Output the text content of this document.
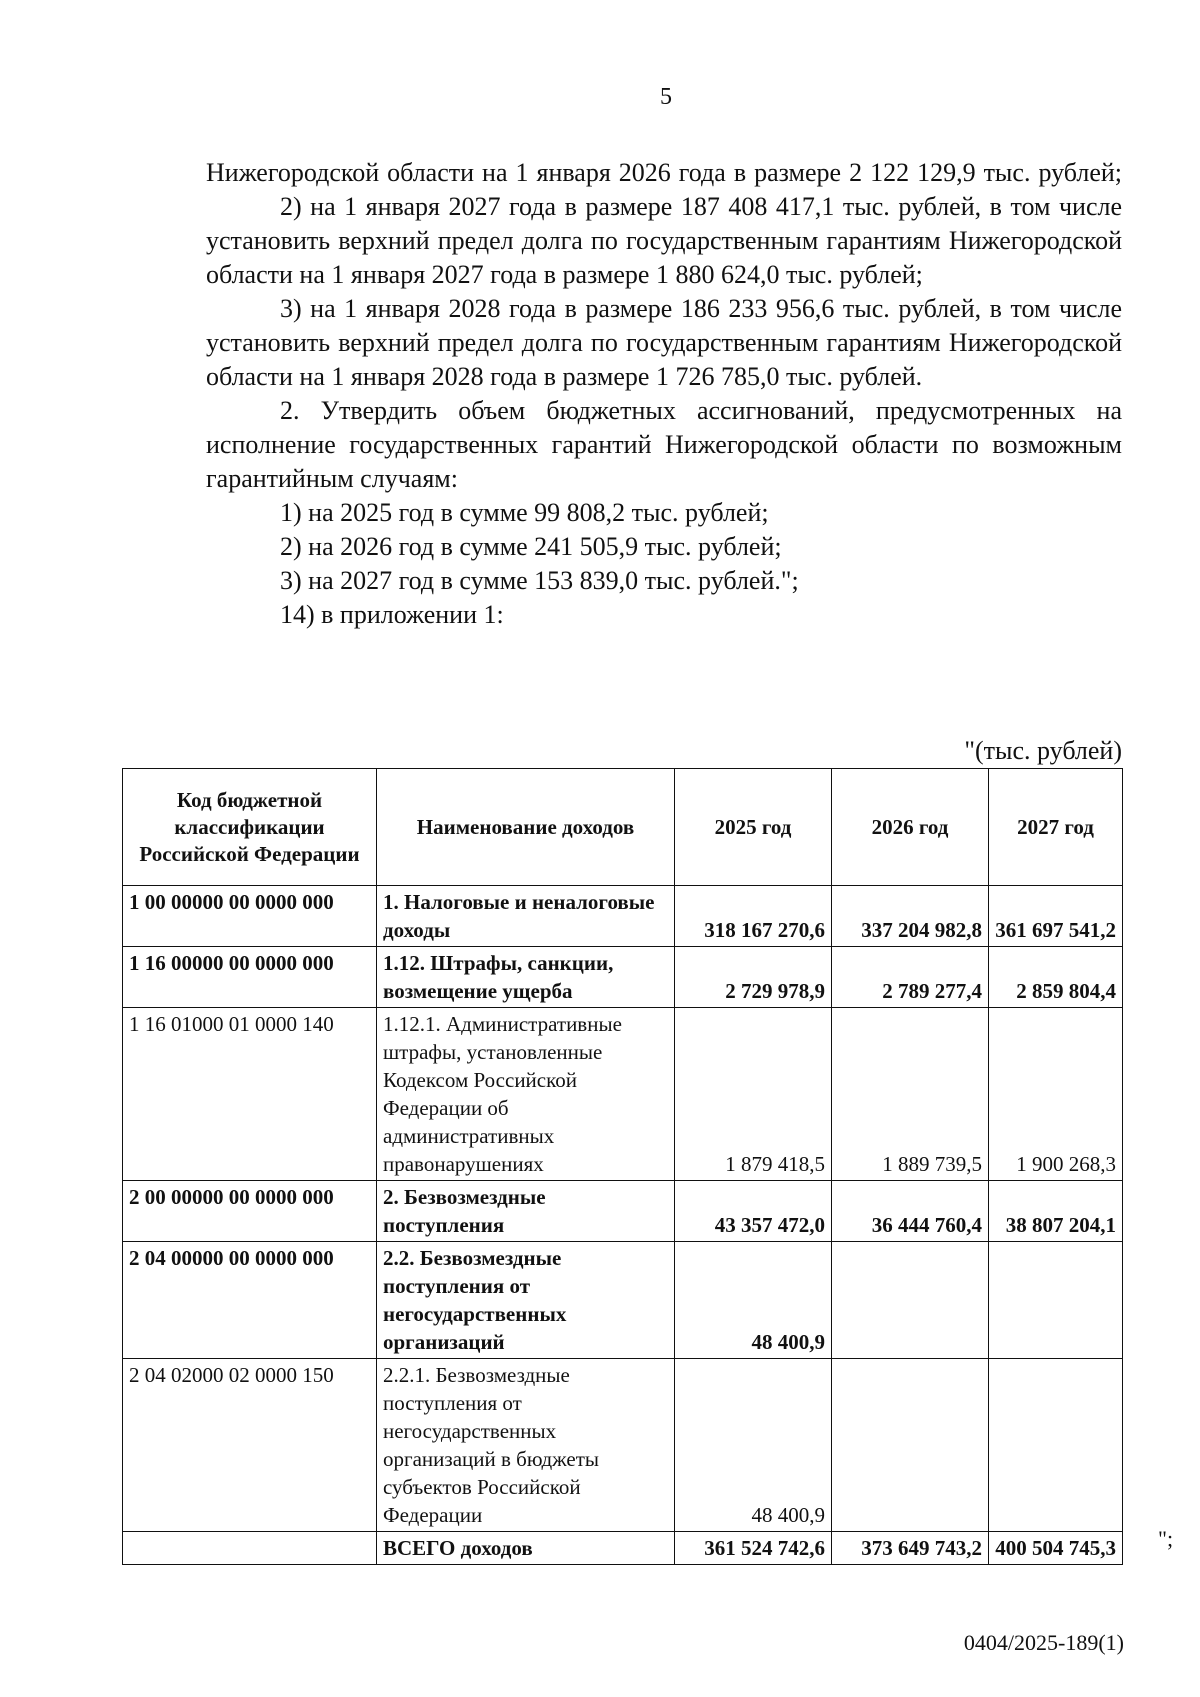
5

Нижегородской области на 1 января 2026 года в размере 2 122 129,9 тыс. рублей;

2) на 1 января 2027 года в размере 187 408 417,1 тыс. рублей, в том числе установить верхний предел долга по государственным гарантиям Нижегородской области на 1 января 2027 года в размере 1 880 624,0 тыс. рублей;

3) на 1 января 2028 года в размере 186 233 956,6 тыс. рублей, в том числе установить верхний предел долга по государственным гарантиям Нижегородской области на 1 января 2028 года в размере 1 726 785,0 тыс. рублей.

2. Утвердить объем бюджетных ассигнований, предусмотренных на исполнение государственных гарантий Нижегородской области по возможным гарантийным случаям:

1) на 2025 год в сумме 99 808,2 тыс. рублей;

2) на 2026 год в сумме 241 505,9 тыс. рублей;

3) на 2027 год в сумме 153 839,0 тыс. рублей.";

14) в приложении 1:

"(тыс. рублей)
Код бюджетной классификации Российской Федерации	Наименование доходов	2025 год	2026 год	2027 год
1 00 00000 00 0000 000	1. Налоговые и неналоговые доходы	318 167 270,6	337 204 982,8	361 697 541,2
1 16 00000 00 0000 000	1.12. Штрафы, санкции, возмещение ущерба	2 729 978,9	2 789 277,4	2 859 804,4
1 16 01000 01 0000 140	1.12.1. Административные штрафы, установленные Кодексом Российской Федерации об административных правонарушениях	1 879 418,5	1 889 739,5	1 900 268,3
2 00 00000 00 0000 000	2. Безвозмездные поступления	43 357 472,0	36 444 760,4	38 807 204,1
2 04 00000 00 0000 000	2.2. Безвозмездные поступления от негосударственных организаций	48 400,9		
2 04 02000 02 0000 150	2.2.1. Безвозмездные поступления от негосударственных организаций в бюджеты субъектов Российской Федерации	48 400,9		
	ВСЕГО доходов	361 524 742,6	373 649 743,2	400 504 745,3 ";
0404/2025-189(1)
